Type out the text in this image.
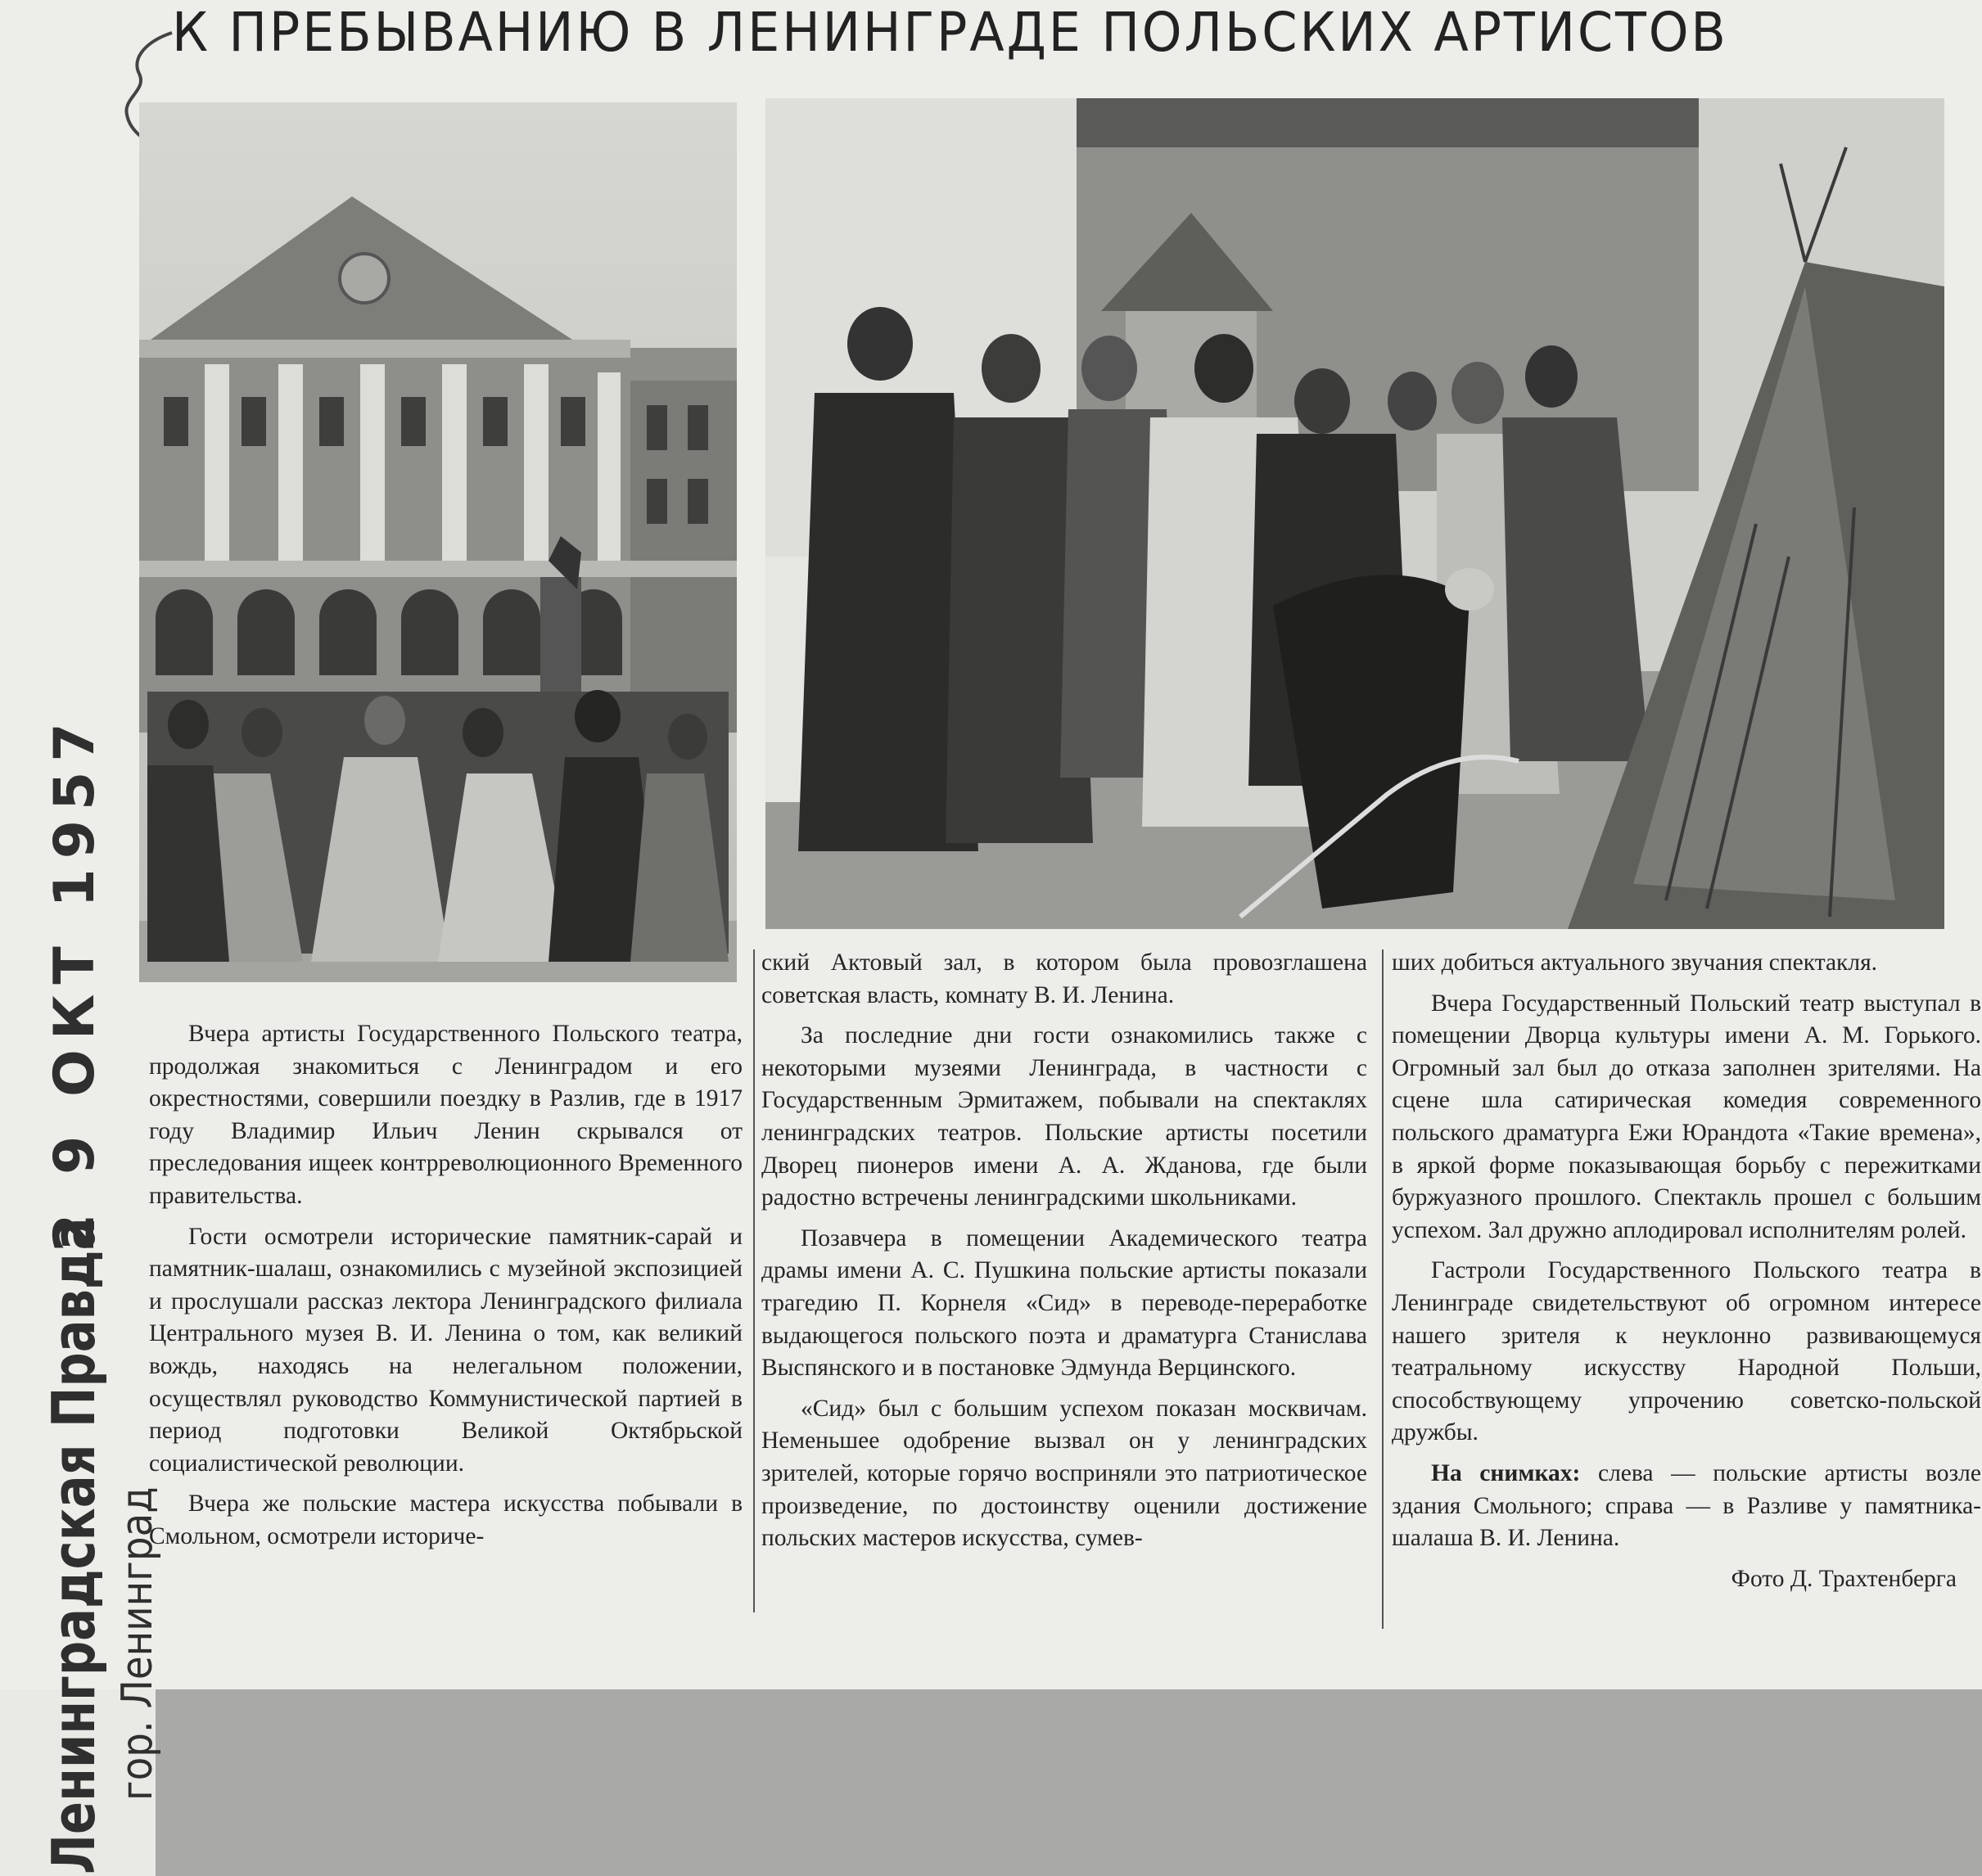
К ПРЕБЫВАНИЮ В ЛЕНИНГРАДЕ ПОЛЬСКИХ АРТИСТОВ

Вчера артисты Государственного Польского театра, продолжая знакомиться с Ленинградом и его окрестностями, совершили поездку в Разлив, где в 1917 году Владимир Ильич Ленин скрывался от преследования ищеек контрреволюционного Временного правительства.

Гости осмотрели исторические памятник-сарай и памятник-шалаш, ознакомились с музейной экспозицией и прослушали рассказ лектора Ленинградского филиала Центрального музея В. И. Ленина о том, как великий вождь, находясь на нелегальном положении, осуществлял руководство Коммунистической партией в период подготовки Великой Октябрьской социалистической революции.

Вчера же польские мастера искусства побывали в Смольном, осмотрели историче-

ский Актовый зал, в котором была провозглашена советская власть, комнату В. И. Ленина.

За последние дни гости ознакомились также с некоторыми музеями Ленинграда, в частности с Государственным Эрмитажем, побывали на спектаклях ленинградских театров. Польские артисты посетили Дворец пионеров имени А. А. Жданова, где были радостно встречены ленинградскими школьниками.

Позавчера в помещении Академического театра драмы имени А. С. Пушкина польские артисты показали трагедию П. Корнеля «Сид» в переводе-переработке выдающегося польского поэта и драматурга Станислава Выспянского и в постановке Эдмунда Верцинского.

«Сид» был с большим успехом показан москвичам. Неменьшее одобрение вызвал он у ленинградских зрителей, которые горячо восприняли это патриотическое произведение, по достоинству оценили достижение польских мастеров искусства, сумев-

ших добиться актуального звучания спектакля.

Вчера Государственный Польский театр выступал в помещении Дворца культуры имени А. М. Горького. Огромный зал был до отказа заполнен зрителями. На сцене шла сатирическая комедия современного польского драматурга Ежи Юрандота «Такие времена», в яркой форме показывающая борьбу с пережитками буржуазного прошлого. Спектакль прошел с большим успехом. Зал дружно аплодировал исполнителям ролей.

Гастроли Государственного Польского театра в Ленинграде свидетельствуют об огромном интересе нашего зрителя к неуклонно развивающемуся театральному искусству Народной Польши, способствующему упрочению советско-польской дружбы.

На снимках: слева — польские артисты возле здания Смольного; справа — в Разливе у памятника-шалаша В. И. Ленина.

Фото Д. Трахтенберга

2 9 ОКТ 1957
Ленинградская Правда гор. Ленинград
